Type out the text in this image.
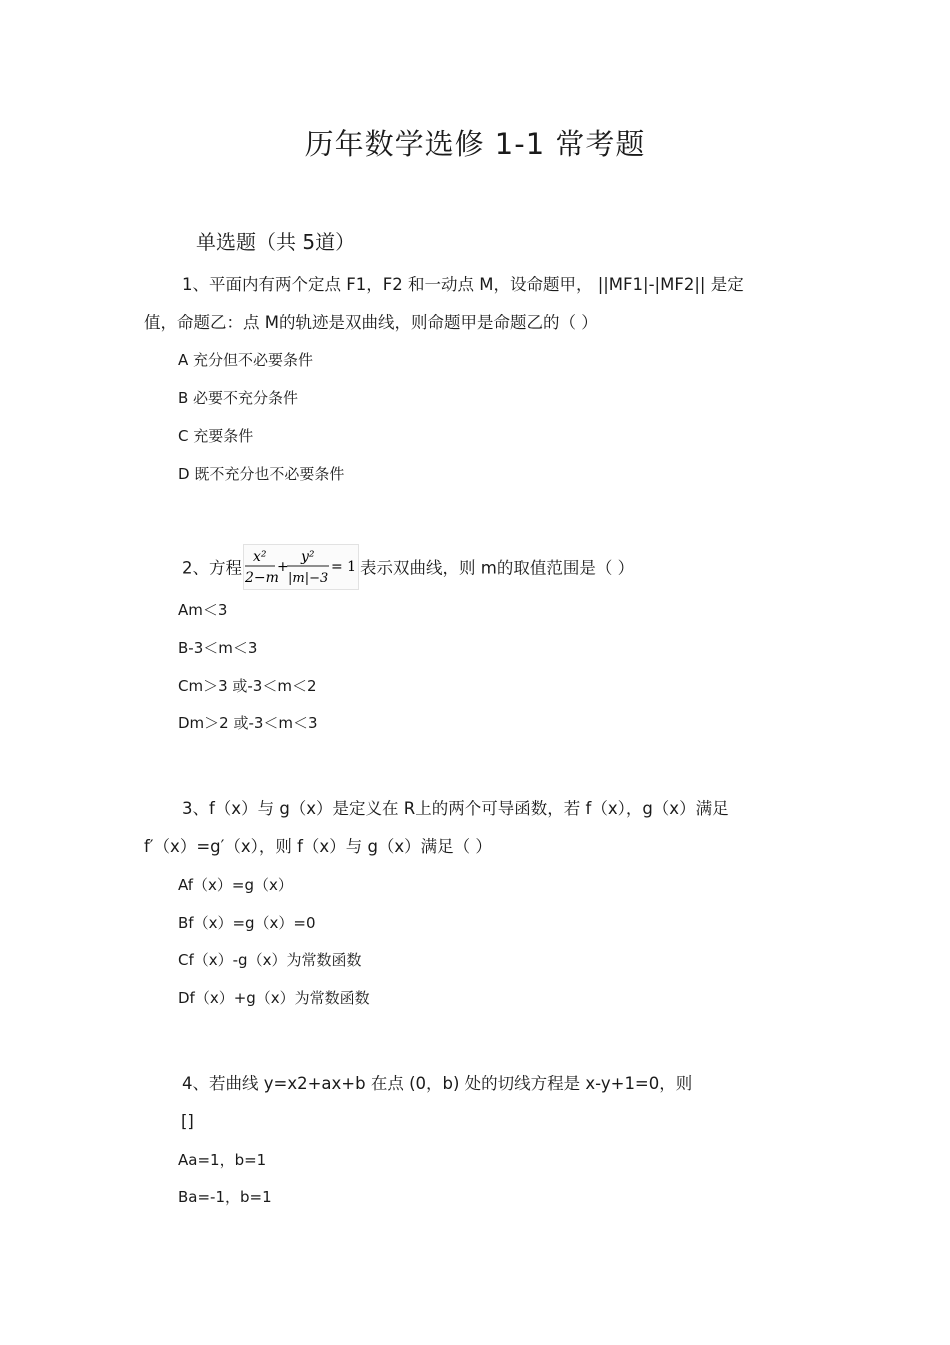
历年数学选修 1-1 常考题
单选题（共 5道）
1、平面内有两个定点 F1，F2 和一动点 M，设命题甲， ||MF1|-|MF2|| 是定
值，命题乙：点 M的轨迹是双曲线，则命题甲是命题乙的（ ）
A 充分但不必要条件
B 必要不充分条件
C 充要条件
D 既不充分也不必要条件
2、方程
x²
2−m
+
y²
|m|−3
= 1 表示双曲线，则 m的取值范围是（ ）
Am＜3
B-3＜m＜3
Cm＞3 或-3＜m＜2
Dm＞2 或-3＜m＜3
3、f（x）与 g（x）是定义在 R上的两个可导函数，若 f（x），g（x）满足
f′（x）=g′（x），则 f（x）与 g（x）满足（ ）
Af（x）=g（x）
Bf（x）=g（x）=0
Cf（x）-g（x）为常数函数
Df（x）+g（x）为常数函数
4、若曲线 y=x2+ax+b 在点 (0，b) 处的切线方程是 x-y+1=0，则
[]
Aa=1，b=1
Ba=-1，b=1
